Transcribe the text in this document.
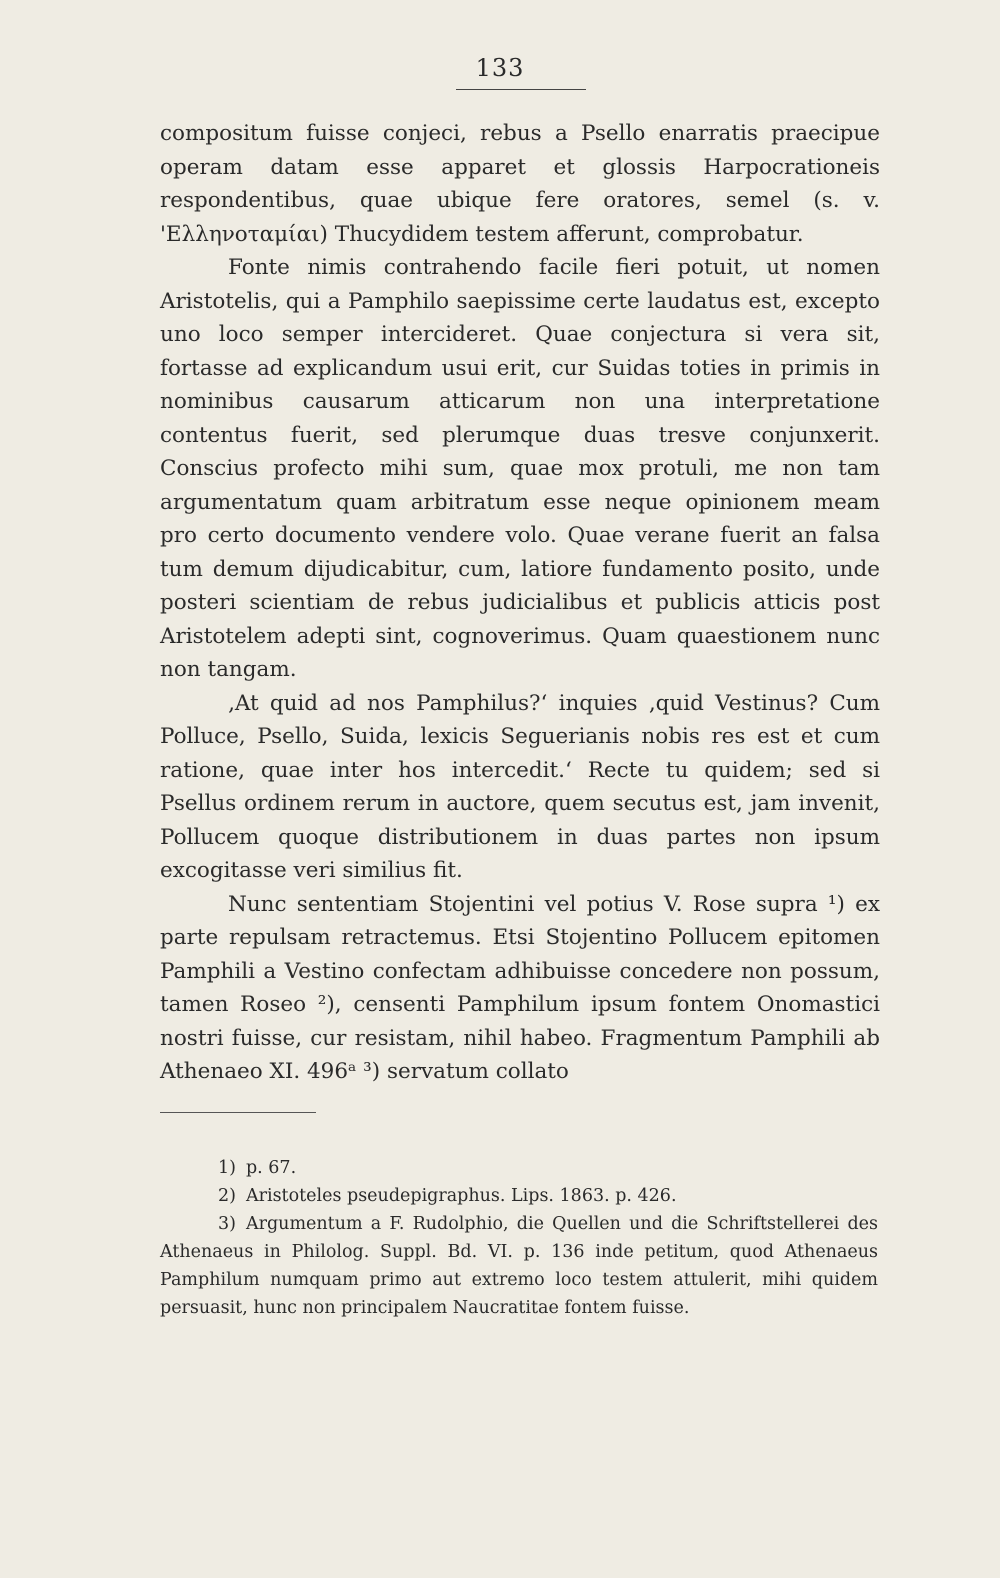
133

compositum fuisse conjeci, rebus a Psello enarratis praecipue operam datam esse apparet et glossis Harpocrationeis respondentibus, quae ubique fere oratores, semel (s. v. 'Ελληνοταμίαι) Thucydidem testem afferunt, comprobatur.

Fonte nimis contrahendo facile fieri potuit, ut nomen Aristotelis, qui a Pamphilo saepissime certe laudatus est, excepto uno loco semper intercideret. Quae conjectura si vera sit, fortasse ad explicandum usui erit, cur Suidas toties in primis in nominibus causarum atticarum non una interpretatione contentus fuerit, sed plerumque duas tresve conjunxerit. Conscius profecto mihi sum, quae mox protuli, me non tam argumentatum quam arbitratum esse neque opinionem meam pro certo documento vendere volo. Quae verane fuerit an falsa tum demum dijudicabitur, cum, latiore fundamento posito, unde posteri scientiam de rebus judicialibus et publicis atticis post Aristotelem adepti sint, cognoverimus. Quam quaestionem nunc non tangam.

‚At quid ad nos Pamphilus?‘ inquies ‚quid Vestinus? Cum Polluce, Psello, Suida, lexicis Seguerianis nobis res est et cum ratione, quae inter hos intercedit.‘ Recte tu quidem; sed si Psellus ordinem rerum in auctore, quem secutus est, jam invenit, Pollucem quoque distributionem in duas partes non ipsum excogitasse veri similius fit.

Nunc sententiam Stojentini vel potius V. Rose supra ¹) ex parte repulsam retractemus. Etsi Stojentino Pollucem epitomen Pamphili a Vestino confectam adhibuisse concedere non possum, tamen Roseo ²), censenti Pamphilum ipsum fontem Onomastici nostri fuisse, cur resistam, nihil habeo. Fragmentum Pamphili ab Athenaeo XI. 496ᵃ ³) servatum collato

1) p. 67.

2) Aristoteles pseudepigraphus. Lips. 1863. p. 426.

3) Argumentum a F. Rudolphio, die Quellen und die Schriftstellerei des Athenaeus in Philolog. Suppl. Bd. VI. p. 136 inde petitum, quod Athenaeus Pamphilum numquam primo aut extremo loco testem attulerit, mihi quidem persuasit, hunc non principalem Naucratitae fontem fuisse.
